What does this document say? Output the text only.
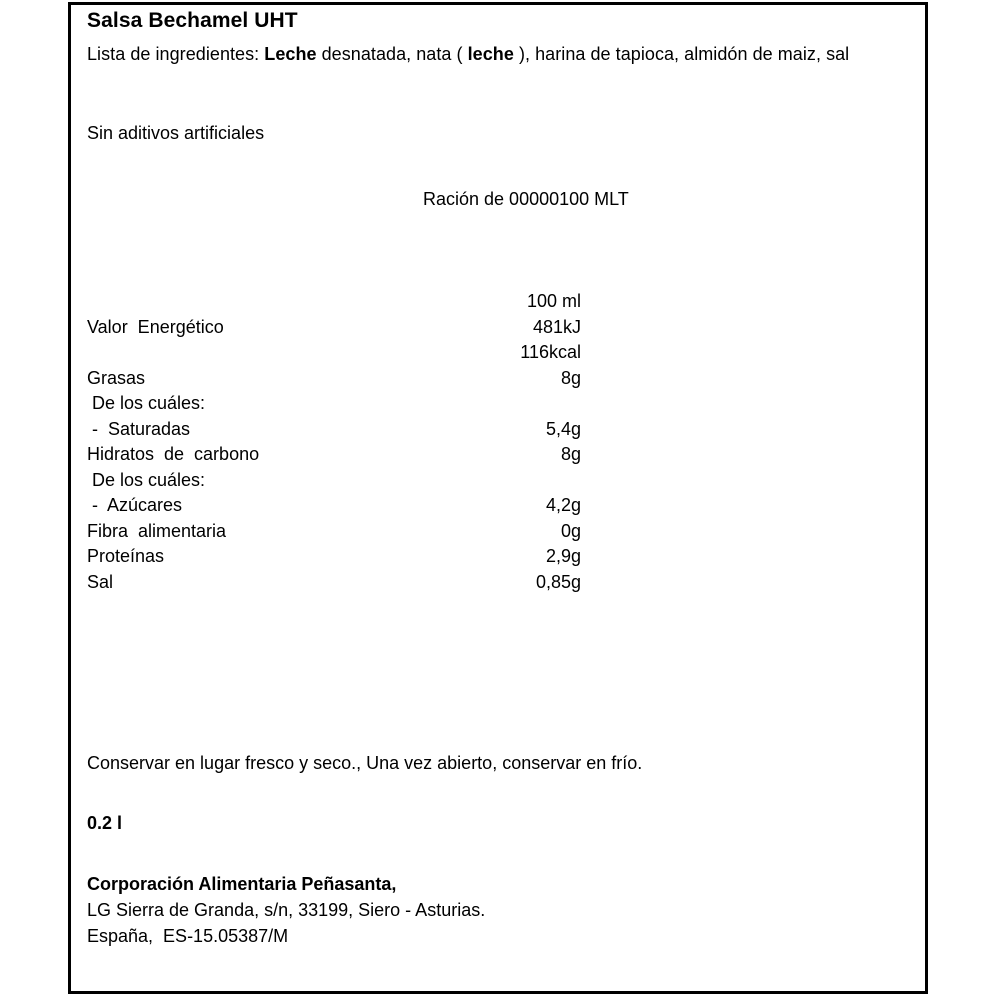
Salsa Bechamel UHT
Lista de ingredientes: Leche desnatada, nata ( leche ), harina de tapioca, almidón de maiz, sal
Sin aditivos artificiales
Ración de 00000100 MLT
100 ml
Valor  Energético	481kJ
116kcal
Grasas	8g
De los cuáles:
-  Saturadas	5,4g
Hidratos  de  carbono	8g
De los cuáles:
-  Azúcares	4,2g
Fibra  alimentaria	0g
Proteínas	2,9g
Sal	0,85g
Conservar en lugar fresco y seco., Una vez abierto, conservar en frío.
0.2 l
Corporación Alimentaria Peñasanta,
LG Sierra de Granda, s/n, 33199, Siero - Asturias.
España,  ES-15.05387/M
